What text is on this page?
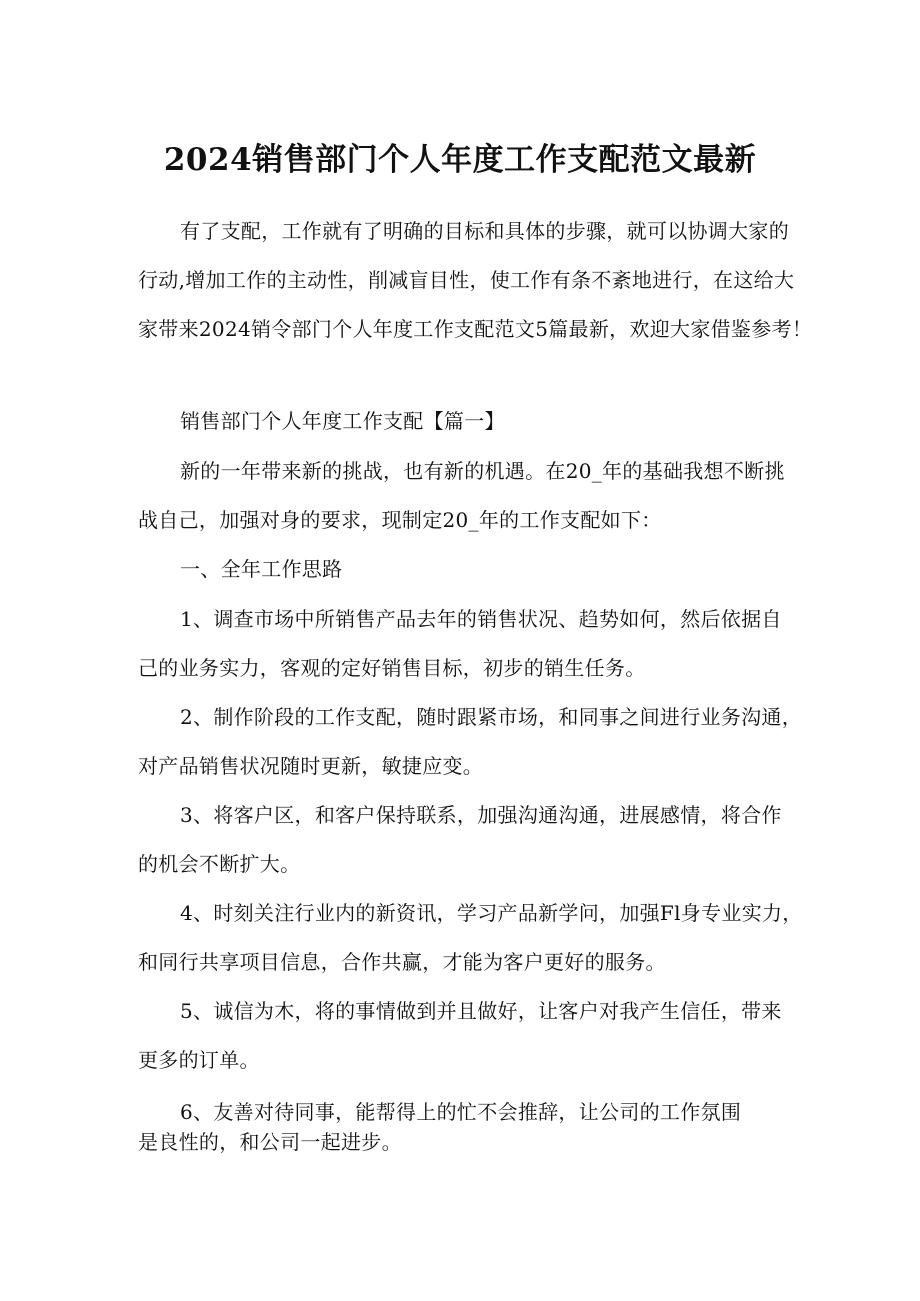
2024销售部门个人年度工作支配范文最新
有了支配，工作就有了明确的目标和具体的步骤，就可以协调大家的
行动,增加工作的主动性，削减盲目性，使工作有条不紊地进行，在这给大
家带来2024销令部门个人年度工作支配范文5篇最新，欢迎大家借鉴参考！
销售部门个人年度工作支配【篇一】
新的一年带来新的挑战，也有新的机遇。在20_年的基础我想不断挑
战自己，加强对身的要求，现制定20_年的工作支配如下：
一、全年工作思路
1、调查市场中所销售产品去年的销售状况、趋势如何，然后依据自
己的业务实力，客观的定好销售目标，初步的销生任务。
2、制作阶段的工作支配，随时跟紧市场，和同事之间进行业务沟通，
对产品销售状况随时更新，敏捷应变。
3、将客户区，和客户保持联系，加强沟通沟通，进展感情，将合作
的机会不断扩大。
4、时刻关注行业内的新资讯，学习产品新学问，加强Fl身专业实力，
和同行共享项目信息，合作共赢，才能为客户更好的服务。
5、诚信为木，将的事情做到并且做好，让客户对我产生信任，带来
更多的订单。
6、友善对待同事，能帮得上的忙不会推辞，让公司的工作氛围
是良性的，和公司一起进步。
